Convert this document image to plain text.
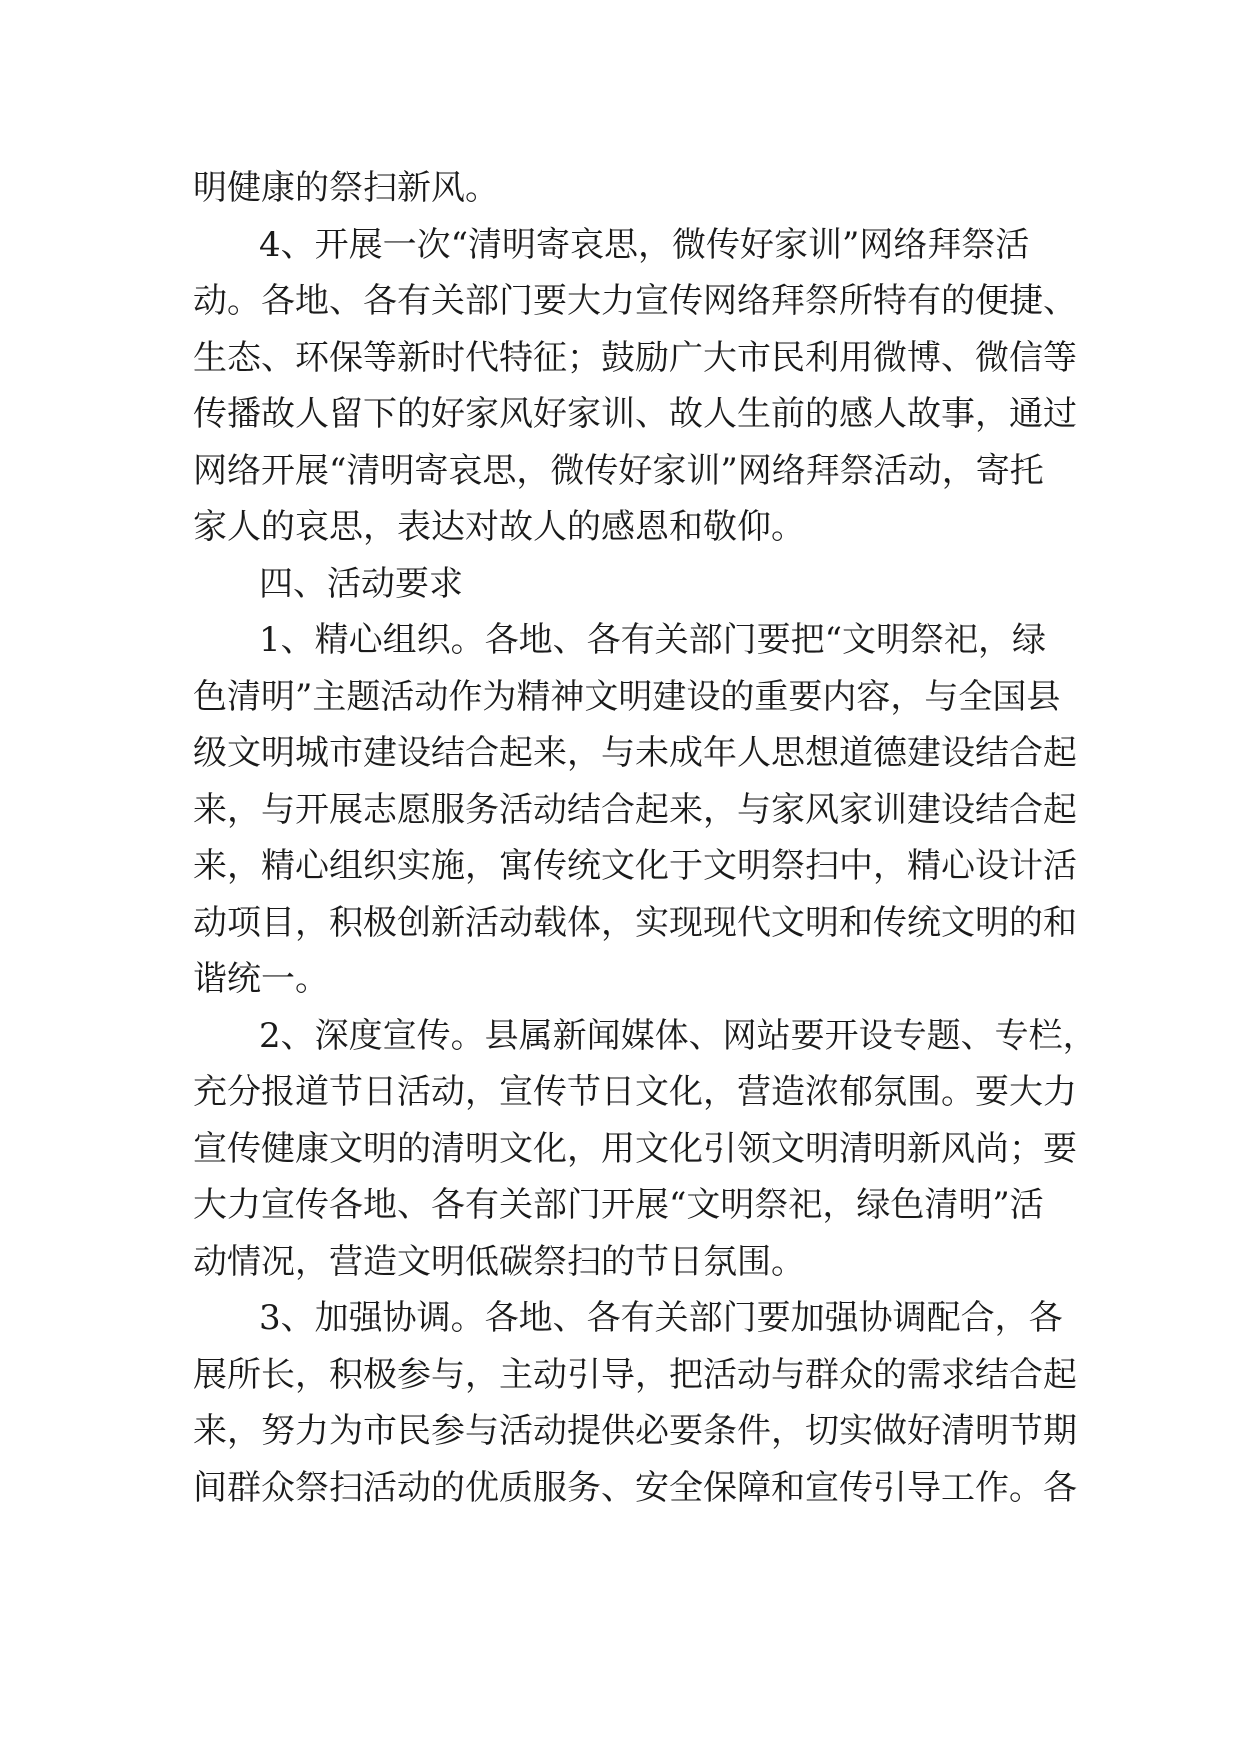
明健康的祭扫新风。
4、开展一次“清明寄哀思，微传好家训”网络拜祭活
动。各地、各有关部门要大力宣传网络拜祭所特有的便捷、
生态、环保等新时代特征；鼓励广大市民利用微博、微信等
传播故人留下的好家风好家训、故人生前的感人故事，通过
网络开展“清明寄哀思，微传好家训”网络拜祭活动，寄托
家人的哀思，表达对故人的感恩和敬仰。
四、活动要求
1、精心组织。各地、各有关部门要把“文明祭祀，绿
色清明”主题活动作为精神文明建设的重要内容，与全国县
级文明城市建设结合起来，与未成年人思想道德建设结合起
来，与开展志愿服务活动结合起来，与家风家训建设结合起
来，精心组织实施，寓传统文化于文明祭扫中，精心设计活
动项目，积极创新活动载体，实现现代文明和传统文明的和
谐统一。
2、深度宣传。县属新闻媒体、网站要开设专题、专栏，
充分报道节日活动，宣传节日文化，营造浓郁氛围。要大力
宣传健康文明的清明文化，用文化引领文明清明新风尚；要
大力宣传各地、各有关部门开展“文明祭祀，绿色清明”活
动情况，营造文明低碳祭扫的节日氛围。
3、加强协调。各地、各有关部门要加强协调配合，各
展所长，积极参与，主动引导，把活动与群众的需求结合起
来，努力为市民参与活动提供必要条件，切实做好清明节期
间群众祭扫活动的优质服务、安全保障和宣传引导工作。各
